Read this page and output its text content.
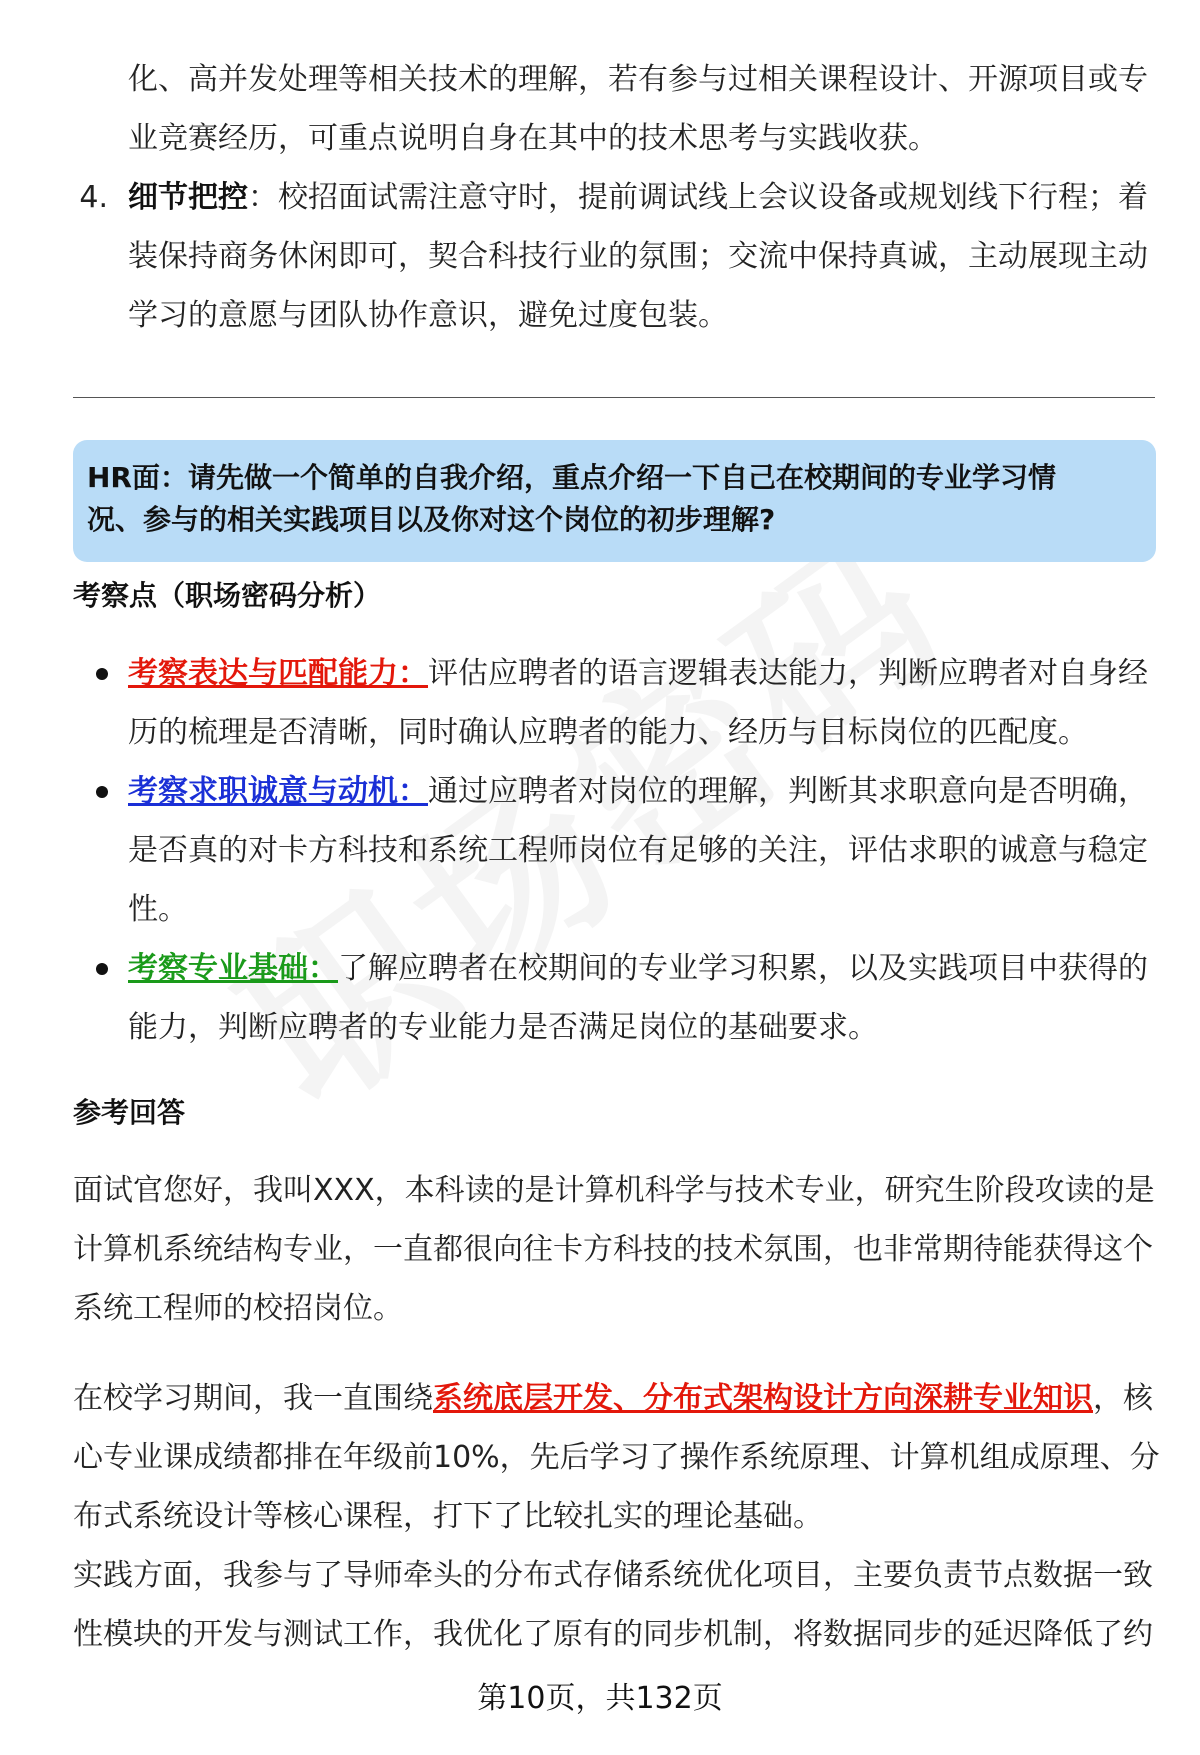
化、高并发处理等相关技术的理解，若有参与过相关课程设计、开源项目或专
业竞赛经历，可重点说明自身在其中的技术思考与实践收获。
4. 细节把控：校招面试需注意守时，提前调试线上会议设备或规划线下行程；着
装保持商务休闲即可，契合科技行业的氛围；交流中保持真诚，主动展现主动
学习的意愿与团队协作意识，避免过度包装。
HR面：请先做一个简单的自我介绍，重点介绍一下自己在校期间的专业学习情
况、参与的相关实践项目以及你对这个岗位的初步理解?
考察点（职场密码分析）
考察表达与匹配能力：评估应聘者的语言逻辑表达能力，判断应聘者对自身经
历的梳理是否清晰，同时确认应聘者的能力、经历与目标岗位的匹配度。
考察求职诚意与动机：通过应聘者对岗位的理解，判断其求职意向是否明确，
是否真的对卡方科技和系统工程师岗位有足够的关注，评估求职的诚意与稳定
性。
考察专业基础：了解应聘者在校期间的专业学习积累，以及实践项目中获得的
能力，判断应聘者的专业能力是否满足岗位的基础要求。
参考回答
面试官您好，我叫XXX，本科读的是计算机科学与技术专业，研究生阶段攻读的是
计算机系统结构专业，一直都很向往卡方科技的技术氛围，也非常期待能获得这个
系统工程师的校招岗位。
在校学习期间，我一直围绕系统底层开发、分布式架构设计方向深耕专业知识，核
心专业课成绩都排在年级前10%，先后学习了操作系统原理、计算机组成原理、分
布式系统设计等核心课程，打下了比较扎实的理论基础。
实践方面，我参与了导师牵头的分布式存储系统优化项目，主要负责节点数据一致
性模块的开发与测试工作，我优化了原有的同步机制，将数据同步的延迟降低了约
第10页，共132页
